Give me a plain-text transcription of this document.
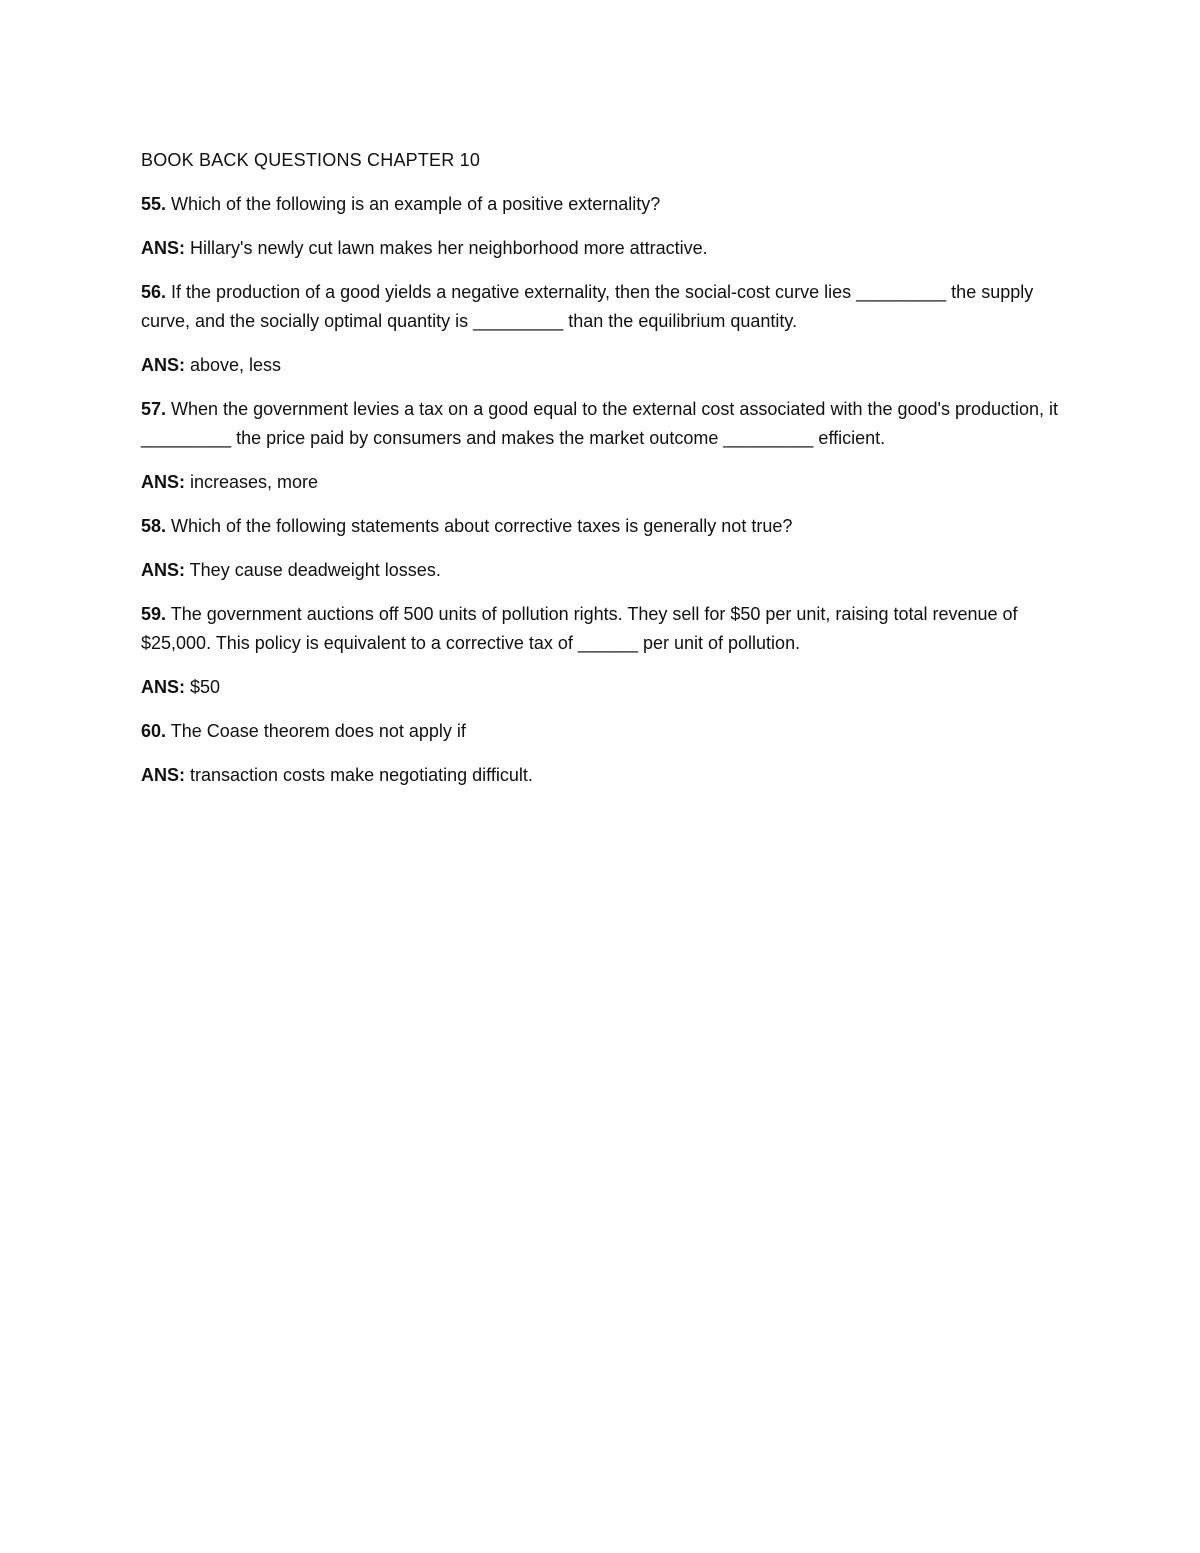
BOOK BACK QUESTIONS CHAPTER 10
55. Which of the following is an example of a positive externality?
ANS: Hillary's newly cut lawn makes her neighborhood more attractive.
56. If the production of a good yields a negative externality, then the social-cost curve lies _________ the supply curve, and the socially optimal quantity is _________ than the equilibrium quantity.
ANS: above, less
57. When the government levies a tax on a good equal to the external cost associated with the good's production, it _________ the price paid by consumers and makes the market outcome _________ efficient.
ANS: increases, more
58. Which of the following statements about corrective taxes is generally not true?
ANS: They cause deadweight losses.
59. The government auctions off 500 units of pollution rights. They sell for $50 per unit, raising total revenue of $25,000. This policy is equivalent to a corrective tax of ______ per unit of pollution.
ANS: $50
60. The Coase theorem does not apply if
ANS: transaction costs make negotiating difficult.
